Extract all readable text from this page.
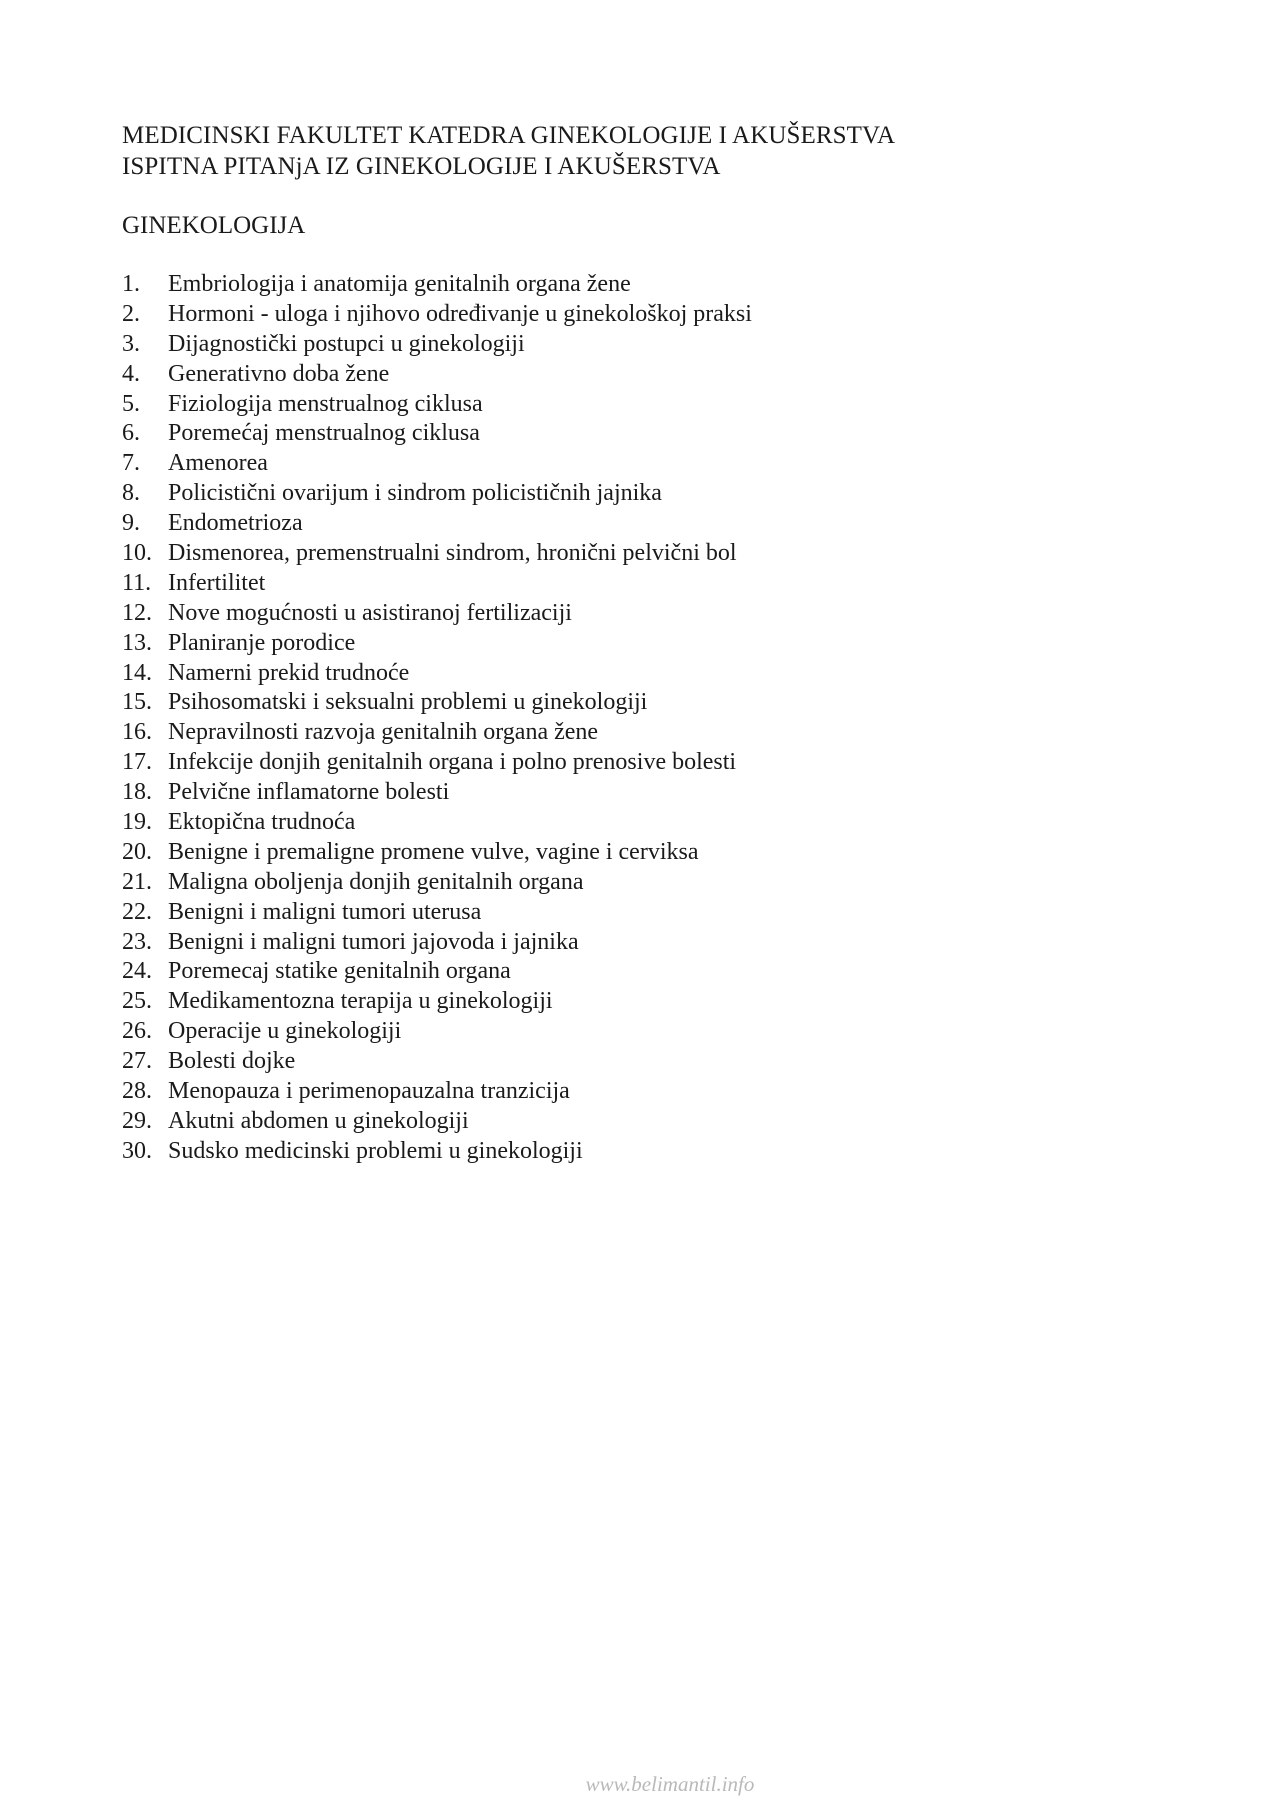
MEDICINSKI FAKULTET KATEDRA GINEKOLOGIJE I AKUŠERSTVA
ISPITNA PITANjA IZ GINEKOLOGIJE I AKUŠERSTVA
GINEKOLOGIJA
1. Embriologija i anatomija genitalnih organa žene
2. Hormoni - uloga i njihovo određivanje u ginekološkoj praksi
3. Dijagnostički postupci u ginekologiji
4. Generativno doba žene
5. Fiziologija menstrualnog ciklusa
6. Poremećaj menstrualnog ciklusa
7. Amenorea
8. Policistični ovarijum i sindrom policističnih jajnika
9. Endometrioza
10. Dismenorea, premenstrualni sindrom, hronični pelvični bol
11. Infertilitet
12. Nove mogućnosti u asistiranoj fertilizaciji
13. Planiranje porodice
14. Namerni prekid trudnoće
15. Psihosomatski i seksualni problemi u ginekologiji
16. Nepravilnosti razvoja genitalnih organa žene
17. Infekcije donjih genitalnih organa i polno prenosive bolesti
18. Pelvične inflamatorne bolesti
19. Ektopična trudnoća
20. Benigne i premaligne promene vulve, vagine i cerviksa
21. Maligna oboljenja donjih genitalnih organa
22. Benigni i maligni tumori uterusa
23. Benigni i maligni tumori jajovoda i jajnika
24. Poremecaj statike genitalnih organa
25. Medikamentozna terapija u ginekologiji
26. Operacije u ginekologiji
27. Bolesti dojke
28. Menopauza i perimenopauzalna tranzicija
29. Akutni abdomen u ginekologiji
30. Sudsko medicinski problemi u ginekologiji
www.belimantil.info
